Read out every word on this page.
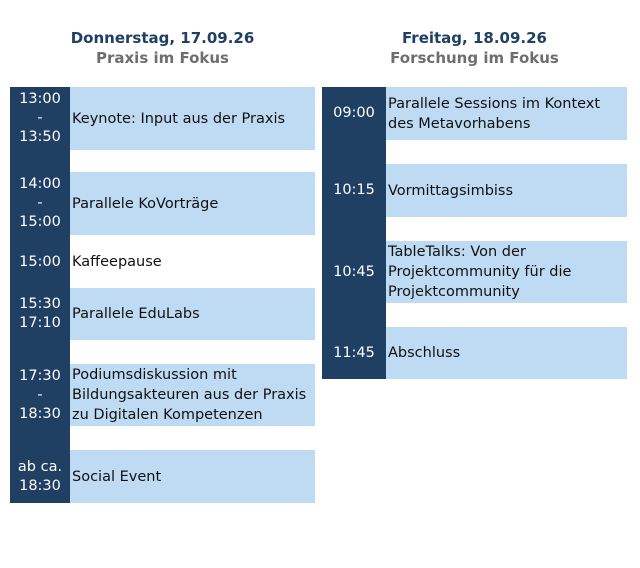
Donnerstag, 17.09.26
Praxis im Fokus
Freitag, 18.09.26
Forschung im Fokus
13:00
-
13:50
Keynote: Input aus der Praxis
14:00
-
15:00
Parallele KoVorträge
15:00 Kaffeepause
15:30
17:10
Parallele EduLabs
17:30
-
18:30
Podiumsdiskussion mit Bildungsakteuren aus der Praxis zu Digitalen Kompetenzen
ab ca.
18:30
Social Event
09:00
Parallele Sessions im Kontext des Metavorhabens
10:15 Vormittagsimbiss
10:45
TableTalks: Von der Projektcommunity für die Projektcommunity
11:45 Abschluss
